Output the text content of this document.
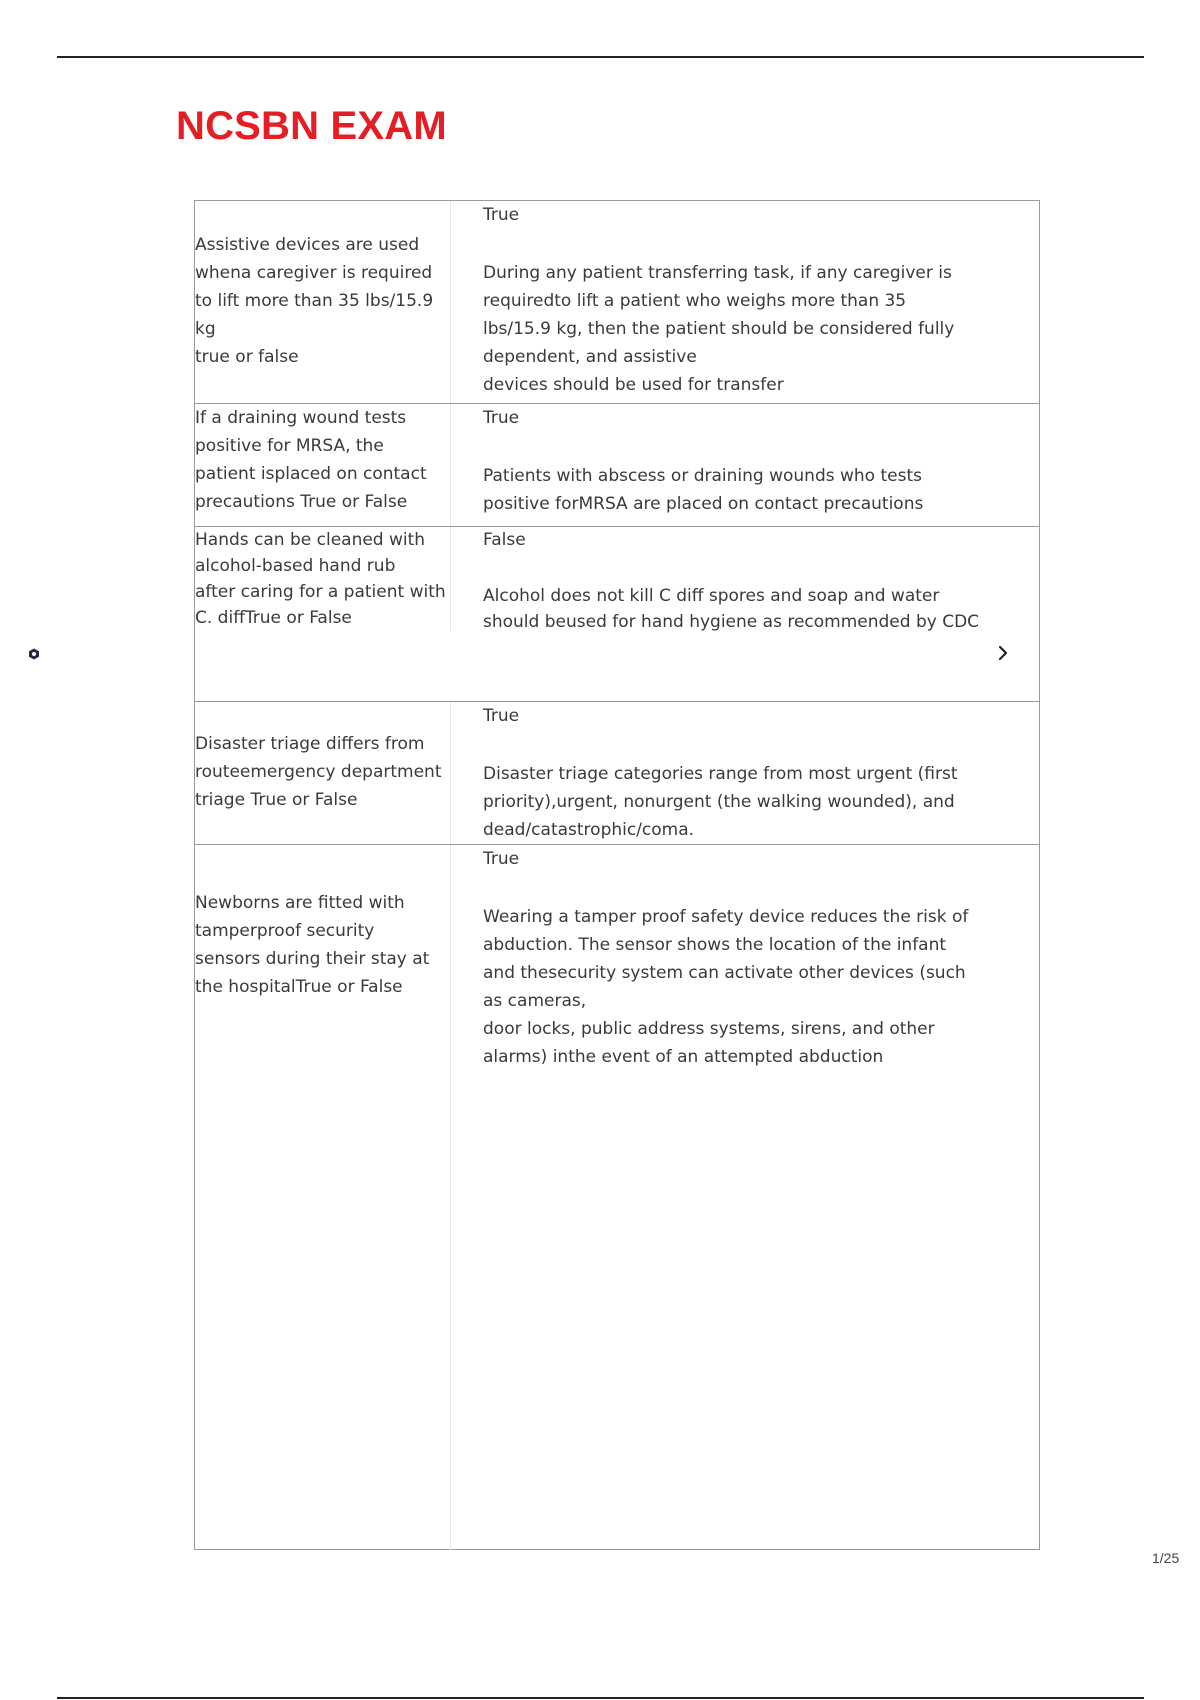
NCSBN EXAM

Assistive devices are used
whena caregiver is required
to lift more than 35 lbs/15.9
kg
true or false

True
During any patient transferring task, if any caregiver is
requiredto lift a patient who weighs more than 35
lbs/15.9 kg, then the patient should be considered fully
dependent, and assistive
devices should be used for transfer

If a draining wound tests
positive for MRSA, the
patient isplaced on contact
precautions True or False

True
Patients with abscess or draining wounds who tests
positive forMRSA are placed on contact precautions

Hands can be cleaned with
alcohol-based hand rub
after caring for a patient with
C. diffTrue or False

False
Alcohol does not kill C diff spores and soap and water
should beused for hand hygiene as recommended by CDC

Disaster triage differs from
routeemergency department
triage True or False

True
Disaster triage categories range from most urgent (first
priority),urgent, nonurgent (the walking wounded), and
dead/catastrophic/coma.

Newborns are fitted with
tamperproof security
sensors during their stay at
the hospitalTrue or False

True
Wearing a tamper proof safety device reduces the risk of
abduction. The sensor shows the location of the infant
and thesecurity system can activate other devices (such
as cameras,
door locks, public address systems, sirens, and other
alarms) inthe event of an attempted abduction

1/25
